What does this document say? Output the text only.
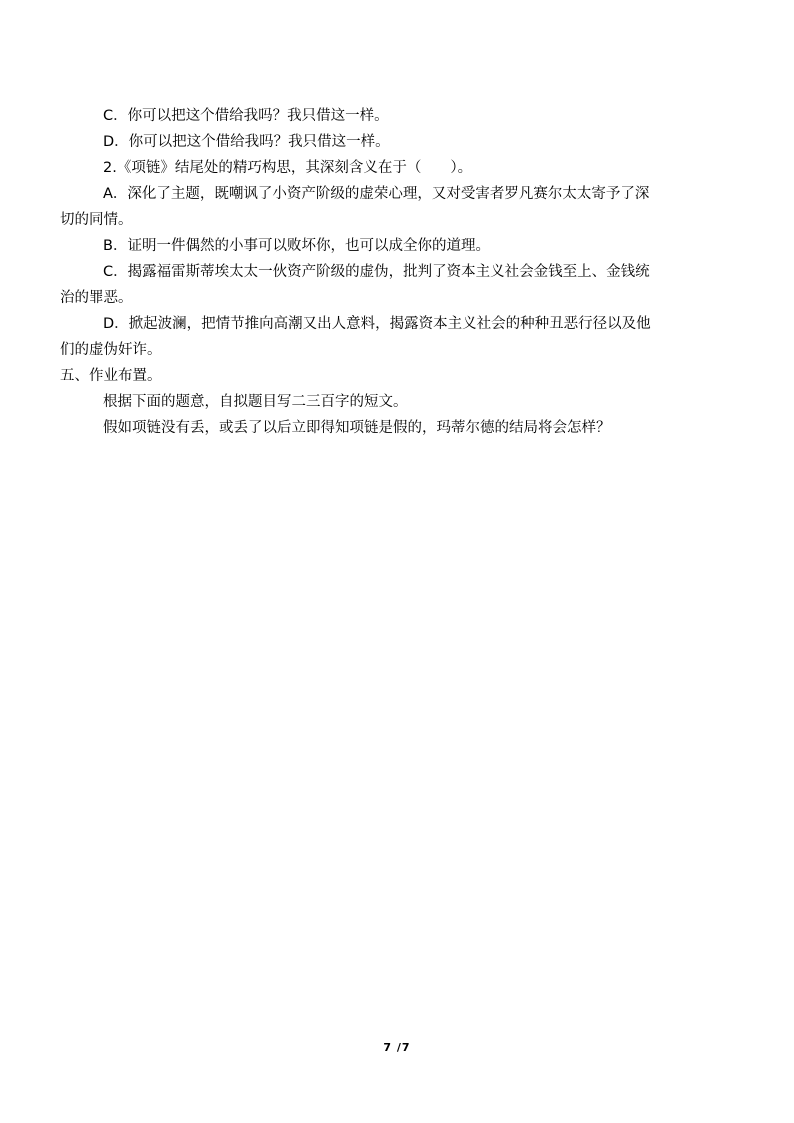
C．你可以把这个借给我吗？我只借这一样。
D．你可以把这个借给我吗？我只借这一样。
2.《项链》结尾处的精巧构思，其深刻含义在于（　　）。
A．深化了主题，既嘲讽了小资产阶级的虚荣心理，又对受害者罗凡赛尔太太寄予了深
切的同情。
B．证明一件偶然的小事可以败坏你，也可以成全你的道理。
C．揭露福雷斯蒂埃太太一伙资产阶级的虚伪，批判了资本主义社会金钱至上、金钱统
治的罪恶。
D．掀起波澜，把情节推向高潮又出人意料，揭露资本主义社会的种种丑恶行径以及他
们的虚伪奸诈。
五、作业布置。
根据下面的题意，自拟题目写二三百字的短文。
假如项链没有丢，或丢了以后立即得知项链是假的，玛蒂尔德的结局将会怎样？
7 /7
